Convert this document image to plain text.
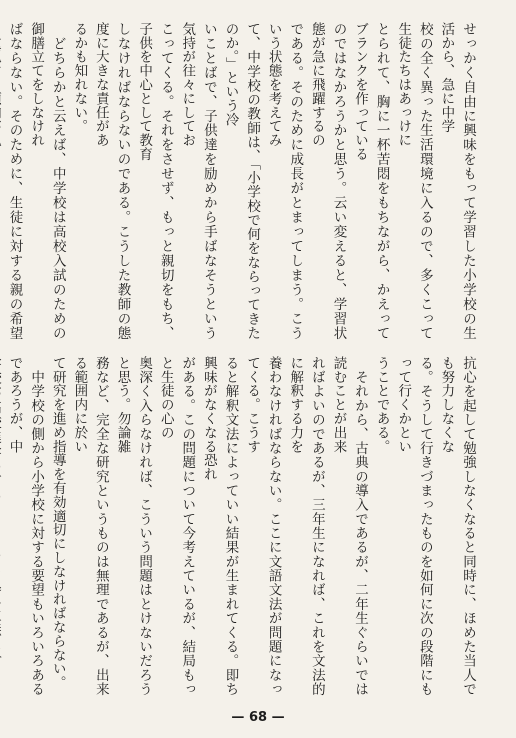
せっかく自由に興味をもって学習した小学校の生活から、急に中学
校の全く異った生活環境に入るので、多くこって生徒たちはあっけに
とられて、胸に一杯苦悶をもちながら、かえってブランクを作っている
のではなかろうかと思う。云い変えると、学習状態が急に飛躍するの
である。そのために成長がとまってしまう。こういう状態を考えてみ
て、中学校の教師は、「小学校で何をならってきたのか。」という冷
いことばで、子供達を励めから手ばなそうという気持が往々にしてお
こってくる。それをさせず、もっと親切をもち、子供を中心として教育
しなければならないのである。こうした教師の態度に大きな責任があ
るかも知れない。
　どちらかと云えば、中学校は高校入試のための御膳立てをしなけれ
ばならない。そのために、生徒に対する親の希望
抗心を起して勉強しなくなると同時に、ほめた当人でも努力しなくな
る。そうして行きづまったものを如何に次の段階にもって行くかとい
うことである。
　それから、古典の導入であるが、二年生ぐらいでは読むことが出来
ればよいのであるが、三年生になれば、これを文法的に解釈する力を
養わなければならない。ここに文語文法が問題になってくる。こうす
ると解釈文法によっていい結果が生まれてくる。即ち興味がなくなる恐れ
がある。この問題について今考えているが、結局もっと生徒の心の
奥深く入らなければ、こういう問題はとけないだろうと思う。勿論雑
務など、完全な研究というものは無理であるが、出来る範囲内に於い
て研究を進め指導を有効適切にしなければならない。
　中学校の側から小学校に対する要望もいろいろあるであろうが、中
— 68 —
